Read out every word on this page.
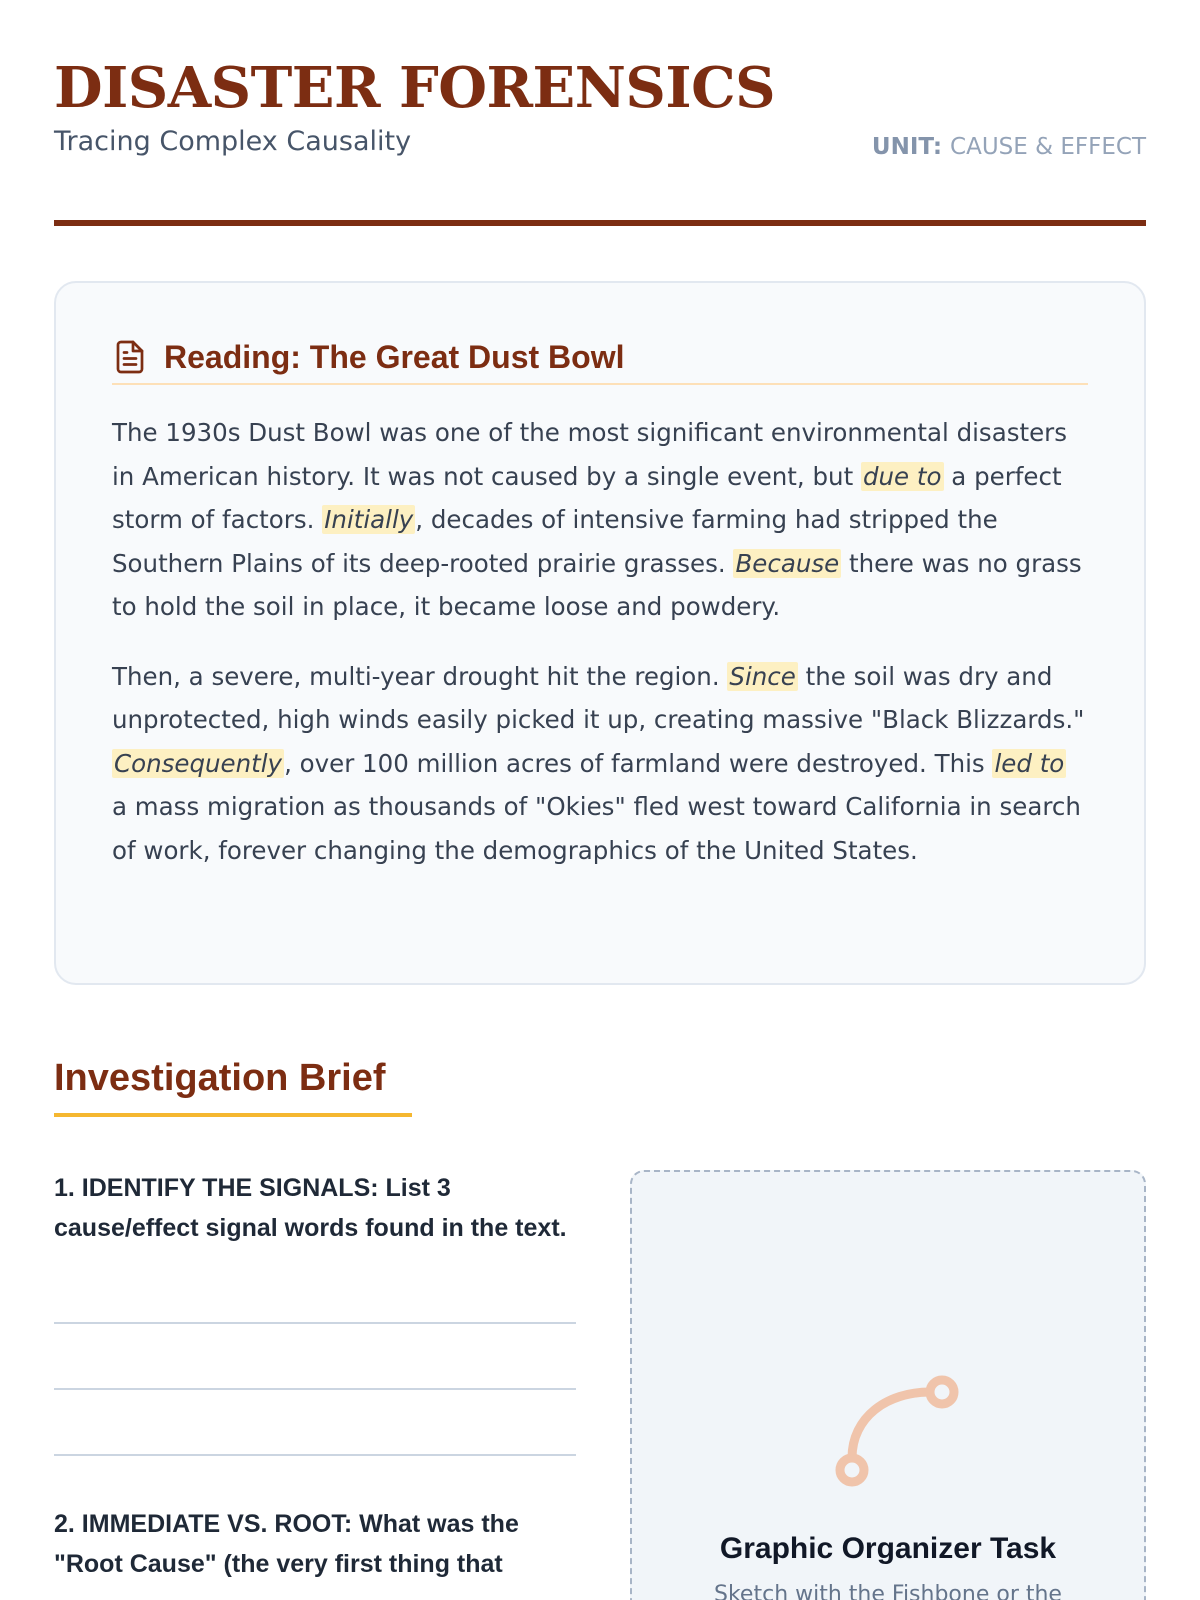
DISASTER FORENSICS
Tracing Complex Causality	UNIT: CAUSE & EFFECT
Reading: The Great Dust Bowl

The 1930s Dust Bowl was one of the most significant environmental disasters in American history. It was not caused by a single event, but due to a perfect storm of factors. Initially, decades of intensive farming had stripped the Southern Plains of its deep-rooted prairie grasses. Because there was no grass to hold the soil in place, it became loose and powdery.

Then, a severe, multi-year drought hit the region. Since the soil was dry and unprotected, high winds easily picked it up, creating massive "Black Blizzards." Consequently, over 100 million acres of farmland were destroyed. This led to a mass migration as thousands of "Okies" fled west toward California in search of work, forever changing the demographics of the United States.

Investigation Brief
1. IDENTIFY THE SIGNALS: List 3 cause/effect signal words found in the text.
2. IMMEDIATE VS. ROOT: What was the "Root Cause" (the very first thing that	Graphic Organizer Task
Sketch with the Fishbone or the
